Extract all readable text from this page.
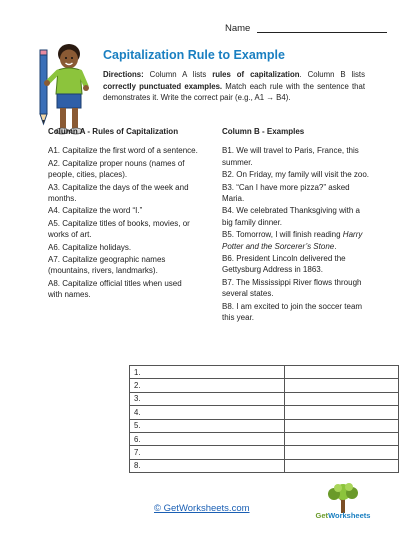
Name
Capitalization Rule to Example

Directions: Column A lists rules of capitalization. Column B lists correctly punctuated examples. Match each rule with the sentence that demonstrates it. Write the correct pair (e.g., A1 → B4).

Column A - Rules of Capitalization
A1. Capitalize the first word of a sentence.
A2. Capitalize proper nouns (names of people, cities, places).
A3. Capitalize the days of the week and months.
A4. Capitalize the word “I.”
A5. Capitalize titles of books, movies, or works of art.
A6. Capitalize holidays.
A7. Capitalize geographic names (mountains, rivers, landmarks).
A8. Capitalize official titles when used with names.
Column B - Examples
B1. We will travel to Paris, France, this summer.
B2. On Friday, my family will visit the zoo.
B3. “Can I have more pizza?” asked Maria.
B4. We celebrated Thanksgiving with a big family dinner.
B5. Tomorrow, I will finish reading Harry Potter and the Sorcerer’s Stone.
B6. President Lincoln delivered the Gettysburg Address in 1863.
B7. The Mississippi River flows through several states.
B8. I am excited to join the soccer team this year.
1.	
2.	
3.	
4.	
5.	
6.	
7.	
8.	
© GetWorksheets.com
GetWorksheets
